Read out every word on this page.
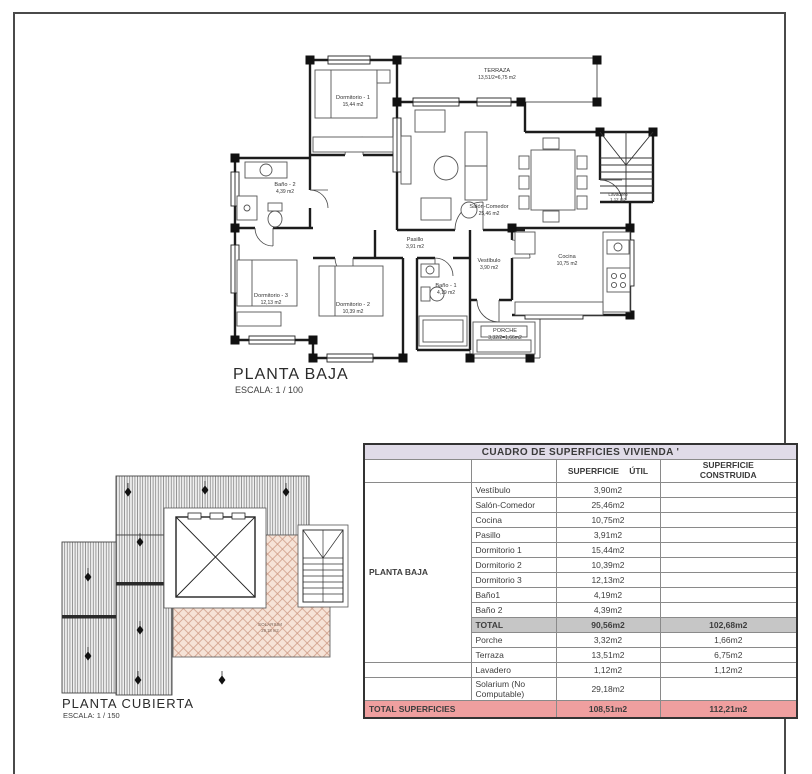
TERRAZA
13,51/2=6,75 m2
Dormitorio - 1
15,44 m2
Baño - 2
4,39 m2
Salón-Comedor
25,46 m2
Lavadero
1,12 m2
Pasillo
3,91 m2
Vestíbulo
3,90 m2
Cocina
10,75 m2
Dormitorio - 3
12,13 m2	Dormitorio - 2
10,39 m2
Baño - 1
4,19 m2
PORCHE
3,32/2=1,66m2
PLANTA BAJA
ESCALA: 1 / 100
SOLARIUM
29,18 m2
PLANTA CUBIERTA
ESCALA: 1 / 150
CUADRO DE SUPERFICIES VIVIENDA '			
		SUPERFICIE ÚTIL	SUPERFICIE CONSTRUIDA

PLANTA BAJA	Vestíbulo	3,90m2	
	Salón-Comedor	25,46m2	
	Cocina	10,75m2	
	Pasillo	3,91m2	
	Dormitorio 1	15,44m2	
	Dormitorio 2	10,39m2	
	Dormitorio 3	12,13m2	
	Baño1	4,19m2	
	Baño 2	4,39m2	
	TOTAL	90,56m2	102,68m2
	Porche	3,32m2	1,66m2
	Terraza	13,51m2	6,75m2
	Lavadero	1,12m2	1,12m2
	Solarium (No Computable)	29,18m2	
TOTAL SUPERFICIES		108,51m2	112,21m2
